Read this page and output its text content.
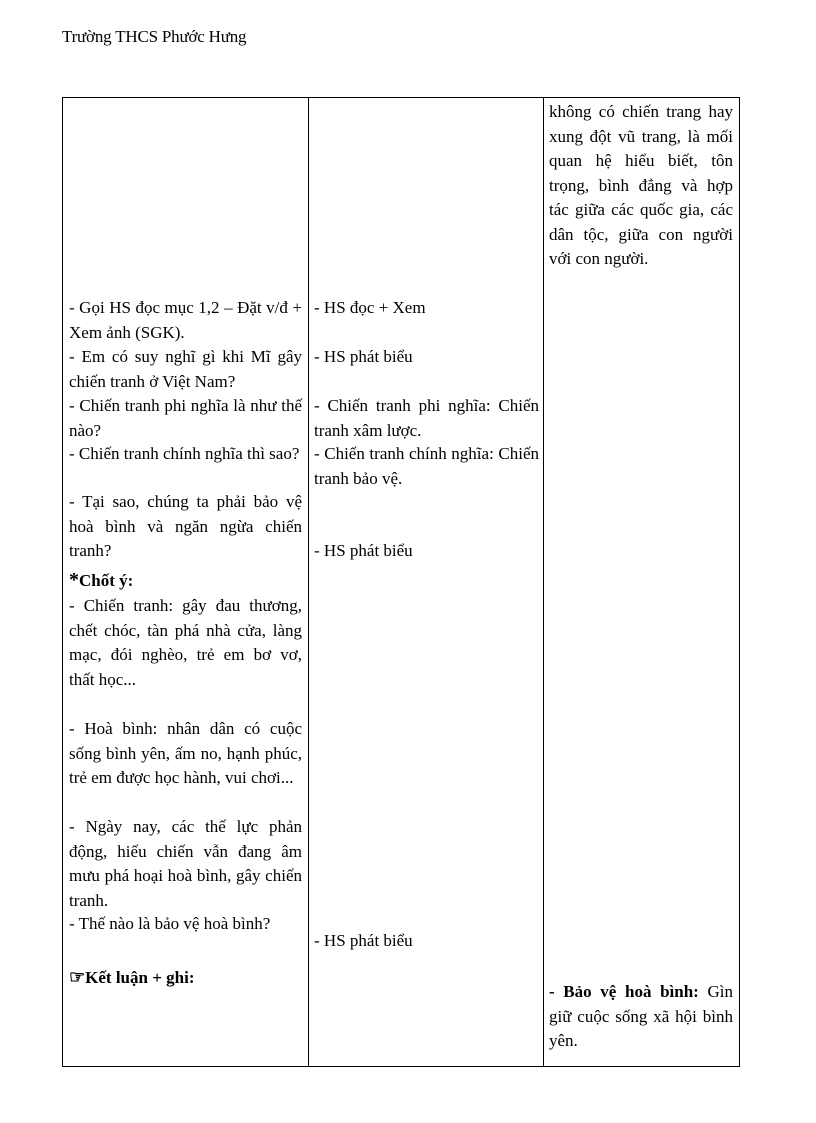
Trường THCS Phước Hưng

- Gọi HS đọc mục 1,2 – Đặt v/đ + Xem ảnh (SGK).

- Em có suy nghĩ gì khi Mĩ gây chiến tranh ở Việt Nam?

- Chiến tranh phi nghĩa là như thế nào?

- Chiến tranh chính nghĩa thì sao?

- Tại sao, chúng ta phải bảo vệ hoà bình và ngăn ngừa chiến tranh?

*Chốt ý:

- Chiến tranh: gây đau thương, chết chóc, tàn phá nhà cửa, làng mạc, đói nghèo, trẻ em bơ vơ, thất học...

- Hoà bình: nhân dân có cuộc sống bình yên, ấm no, hạnh phúc, trẻ em được học hành, vui chơi...

- Ngày nay, các thế lực phản động, hiếu chiến vẫn đang âm mưu phá hoại hoà bình, gây chiến tranh.

- Thế nào là bảo vệ hoà bình?

☞Kết luận + ghi:

- HS đọc + Xem

- HS phát biểu

- Chiến tranh phi nghĩa: Chiến tranh xâm lược.

- Chiến tranh chính nghĩa: Chiến tranh bảo vệ.

- HS phát biểu

- HS phát biểu

không có chiến trang hay xung đột vũ trang, là mối quan hệ hiểu biết, tôn trọng, bình đẳng và hợp tác giữa các quốc gia, các dân tộc, giữa con người với con người.

- Bảo vệ hoà bình: Gìn giữ cuộc sống xã hội bình yên.
